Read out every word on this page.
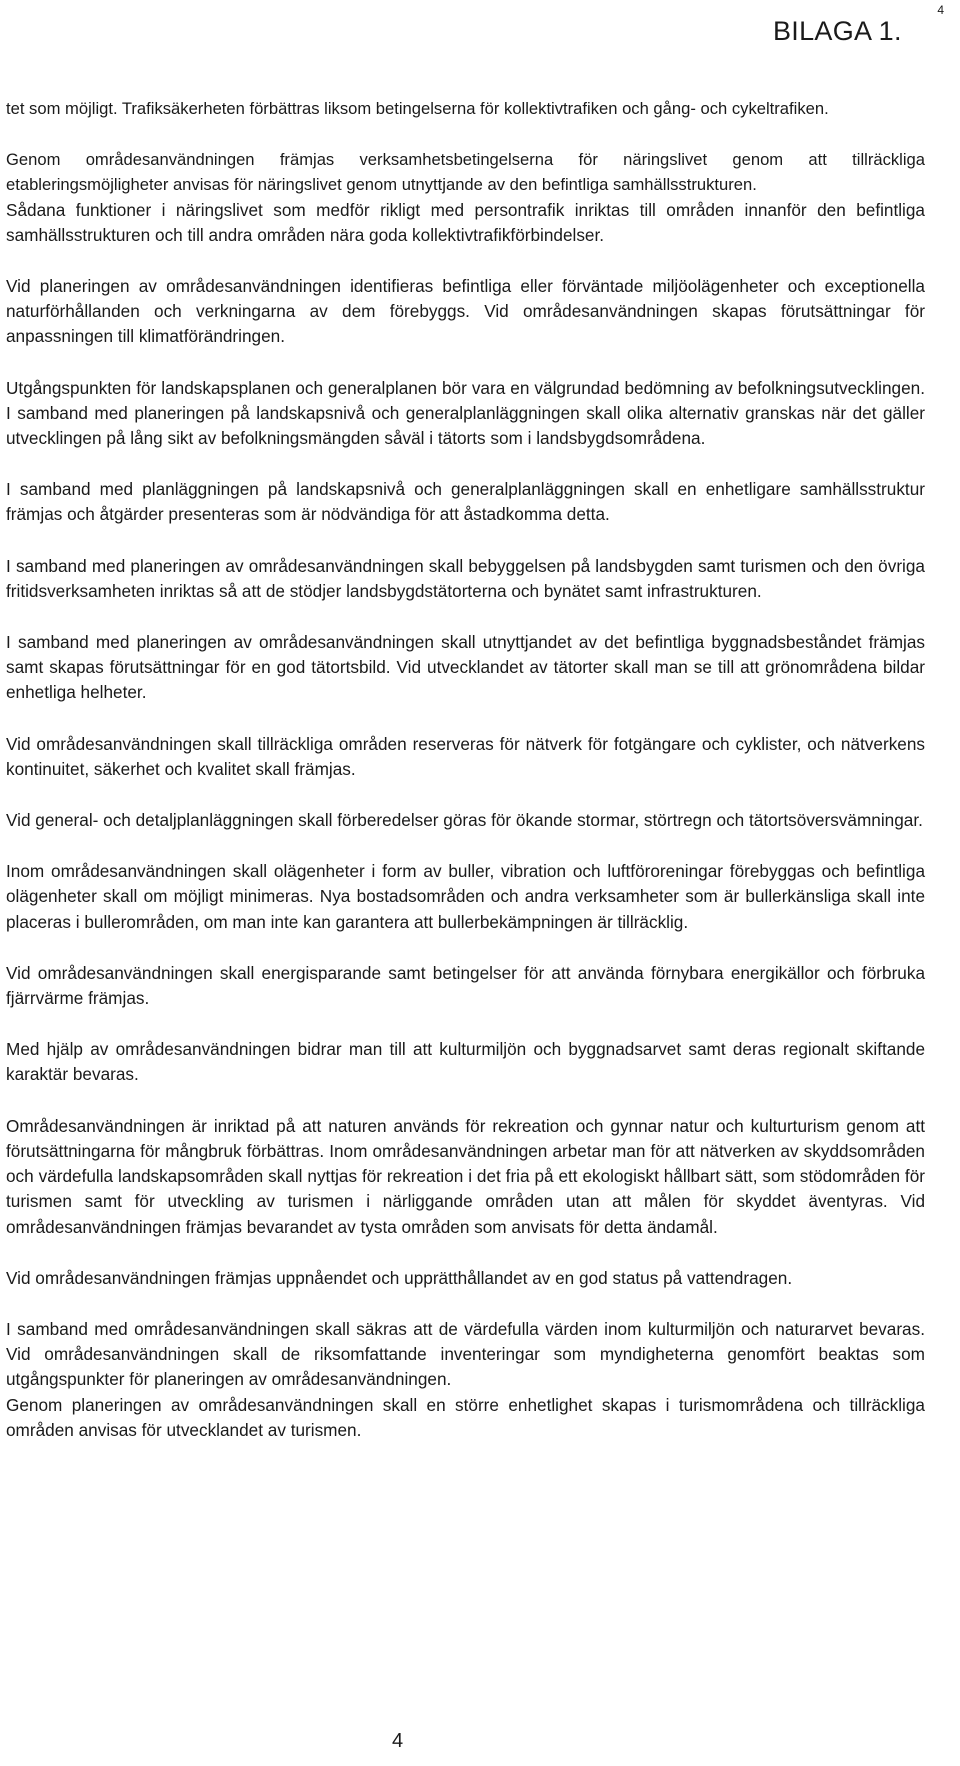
4
BILAGA 1.

tet som möjligt. Trafiksäkerheten förbättras liksom betingelserna för kollektivtrafiken och gång- och cykeltrafiken.

Genom områdesanvändningen främjas verksamhetsbetingelserna för näringslivet genom att tillräckliga etableringsmöjligheter anvisas för näringslivet genom utnyttjande av den befintliga samhällsstrukturen.

Sådana funktioner i näringslivet som medför rikligt med persontrafik inriktas till områden innanför den befintliga samhällsstrukturen och till andra områden nära goda kollektivtrafikförbindelser.

Vid planeringen av områdesanvändningen identifieras befintliga eller förväntade miljöolägenheter och exceptionella naturförhållanden och verkningarna av dem förebyggs. Vid områdesanvändningen skapas förutsättningar för anpassningen till klimatförändringen.

Utgångspunkten för landskapsplanen och generalplanen bör vara en välgrundad bedömning av befolkningsutvecklingen. I samband med planeringen på landskapsnivå och generalplanläggningen skall olika alternativ granskas när det gäller utvecklingen på lång sikt av befolkningsmängden såväl i tätorts som i landsbygdsområdena.

I samband med planläggningen på landskapsnivå och generalplanläggningen skall en enhetligare samhällsstruktur främjas och åtgärder presenteras som är nödvändiga för att åstadkomma detta.

I samband med planeringen av områdesanvändningen skall bebyggelsen på landsbygden samt turismen och den övriga fritidsverksamheten inriktas så att de stödjer landsbygdstätorterna och bynätet samt infrastrukturen.

I samband med planeringen av områdesanvändningen skall utnyttjandet av det befintliga byggnadsbeståndet främjas samt skapas förutsättningar för en god tätortsbild. Vid utvecklandet av tätorter skall man se till att grönområdena bildar enhetliga helheter.

Vid områdesanvändningen skall tillräckliga områden reserveras för nätverk för fotgängare och cyklister, och nätverkens kontinuitet, säkerhet och kvalitet skall främjas.

Vid general- och detaljplanläggningen skall förberedelser göras för ökande stormar, störtregn och tätortsöversvämningar.

Inom områdesanvändningen skall olägenheter i form av buller, vibration och luftföroreningar förebyggas och befintliga olägenheter skall om möjligt minimeras. Nya bostadsområden och andra verksamheter som är bullerkänsliga skall inte placeras i bullerområden, om man inte kan garantera att bullerbekämpningen är tillräcklig.

Vid områdesanvändningen skall energisparande samt betingelser för att använda förnybara energikällor och förbruka fjärrvärme främjas.

Med hjälp av områdesanvändningen bidrar man till att kulturmiljön och byggnadsarvet samt deras regionalt skiftande karaktär bevaras.

Områdesanvändningen är inriktad på att naturen används för rekreation och gynnar natur och kulturturism genom att förutsättningarna för mångbruk förbättras. Inom områdesanvändningen arbetar man för att nätverken av skyddsområden och värdefulla landskapsområden skall nyttjas för rekreation i det fria på ett ekologiskt hållbart sätt, som stödområden för turismen samt för utveckling av turismen i närliggande områden utan att målen för skyddet äventyras. Vid områdesanvändningen främjas bevarandet av tysta områden som anvisats för detta ändamål.

Vid områdesanvändningen främjas uppnåendet och upprätthållandet av en god status på vattendragen.

I samband med områdesanvändningen skall säkras att de värdefulla värden inom kulturmiljön och naturarvet bevaras. Vid områdesanvändningen skall de riksomfattande inventeringar som myndigheterna genomfört beaktas som utgångspunkter för planeringen av områdesanvändningen.

Genom planeringen av områdesanvändningen skall en större enhetlighet skapas i turismområdena och tillräckliga områden anvisas för utvecklandet av turismen.

4
